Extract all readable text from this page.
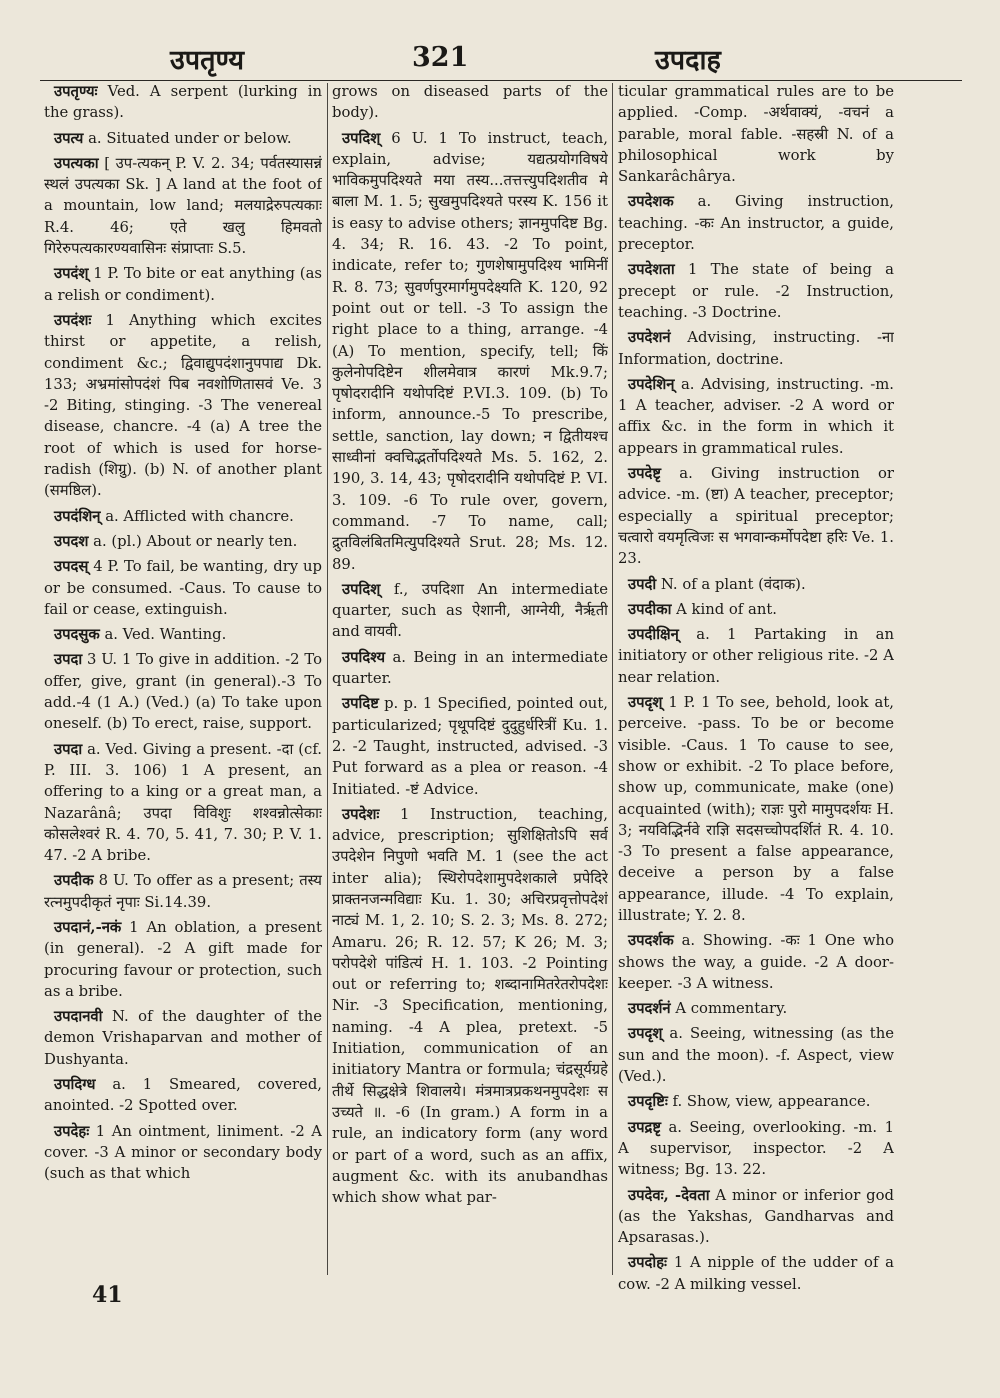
उपतृण्य	321	उपदाह

उपतृण्यः Ved. A serpent (lurking in the grass).

उपत्य a. Situated under or below.

उपत्यका [ उप-त्यकन् P. V. 2. 34; पर्वतस्यासन्नं स्थलं उपत्यका Sk. ] A land at the foot of a mountain, low land; मलयाद्रेरुपत्यकाः R.4. 46; एते खलु हिमवतो गिरेरुपत्यकारण्यवासिनः संप्राप्ताः S.5.

उपदंश् 1 P. To bite or eat anything (as a relish or condiment).

उपदंशः 1 Anything which excites thirst or appetite, a relish, condiment &c.; द्विवाद्युपदंशानुपपाद्य Dk. 133; अभ्रमांसोपदंशं पिब नवशोणितासवं Ve. 3 -2 Biting, stinging. -3 The venereal disease, chancre. -4 (a) A tree the root of which is used for horse-radish (शिग्रु). (b) N. of another plant (समष्ठिल).

उपदंशिन् a. Afflicted with chancre.

उपदश a. (pl.) About or nearly ten.

उपदस् 4 P. To fail, be wanting, dry up or be consumed. -Caus. To cause to fail or cease, extinguish.

उपदसुक a. Ved. Wanting.

उपदा 3 U. 1 To give in addition. -2 To offer, give, grant (in general).-3 To add.-4 (1 A.) (Ved.) (a) To take upon oneself. (b) To erect, raise, support.

उपदा a. Ved. Giving a present. -दा (cf. P. III. 3. 106) 1 A present, an offering to a king or a great man, a Nazarânâ; उपदा विविशुः शश्वन्नोत्सेकाः कोसलेश्वरं R. 4. 70, 5. 41, 7. 30; P. V. 1. 47. -2 A bribe.

उपदीक 8 U. To offer as a present; तस्य रत्नमुपदीकृतं नृपाः Si.14.39.

उपदानं,-नकं 1 An oblation, a present (in general). -2 A gift made for procuring favour or protection, such as a bribe.

उपदानवी N. of the daughter of the demon Vrishaparvan and mother of Dushyanta.

उपदिग्ध a. 1 Smeared, covered, anointed. -2 Spotted over.

उपदेहः 1 An ointment, liniment. -2 A cover. -3 A minor or secondary body (such as that which

grows on diseased parts of the body).

उपदिश् 6 U. 1 To instruct, teach, explain, advise; यद्यत्प्रयोगविषये भाविकमुपदिश्यते मया तस्य...तत्तत्त्युपदिशतीव मे बाला M. 1. 5; सुखमुपदिश्यते परस्य K. 156 it is easy to advise others; ज्ञानमुपदिष्ट Bg. 4. 34; R. 16. 43. -2 To point, indicate, refer to; गुणशेषामुपदिश्य भामिनीं R. 8. 73; सुवर्णपुरमार्गमुपदेक्ष्यति K. 120, 92 point out or tell. -3 To assign the right place to a thing, arrange. -4 (A) To mention, specify, tell; किं कुलेनोपदिष्टेन शीलमेवात्र कारणं Mk.9.7; पृषोदरादीनि यथोपदिष्टं P.VI.3. 109. (b) To inform, announce.-5 To prescribe, settle, sanction, lay down; न द्वितीयश्च साध्वीनां क्वचिद्भर्तोपदिश्यते Ms. 5. 162, 2. 190, 3. 14, 43; पृषोदरादीनि यथोपदिष्टं P. VI. 3. 109. -6 To rule over, govern, command. -7 To name, call; द्रुतविलंबितमित्युपदिश्यते Srut. 28; Ms. 12. 89.

उपदिश् f., उपदिशा An intermediate quarter, such as ऐशानी, आग्नेयी, नैर्ऋती and वायवी.

उपदिश्य a. Being in an intermediate quarter.

उपदिष्ट p. p. 1 Specified, pointed out, particularized; पृथूपदिष्टं दुदुहुर्धरित्रीं Ku. 1. 2. -2 Taught, instructed, advised. -3 Put forward as a plea or reason. -4 Initiated. -ष्टं Advice.

उपदेशः 1 Instruction, teaching, advice, prescription; सुशिक्षितोऽपि सर्व उपदेशेन निपुणो भवति M. 1 (see the act inter alia); स्थिरोपदेशामुपदेशकाले प्रपेदिरे प्राक्तनजन्मविद्याः Ku. 1. 30; अचिरप्रवृत्तोपदेशं नाट्यं M. 1, 2. 10; S. 2. 3; Ms. 8. 272; Amaru. 26; R. 12. 57; K 26; M. 3; परोपदेशे पांडित्यं H. 1. 103. -2 Pointing out or referring to; शब्दानामितरेतरोपदेशः Nir. -3 Specification, mentioning, naming. -4 A plea, pretext. -5 Initiation, communication of an initiatory Mantra or formula; चंद्रसूर्यग्रहे तीर्थे सिद्धक्षेत्रे शिवालये। मंत्रमात्रप्रकथनमुपदेशः स उच्यते ॥. -6 (In gram.) A form in a rule, an indicatory form (any word or part of a word, such as an affix, augment &c. with its anubandhas which show what par-

ticular grammatical rules are to be applied. -Comp. -अर्थवाक्यं, -वचनं a parable, moral fable. -सहस्री N. of a philosophical work by Sankarâchârya.

उपदेशक a. Giving instruction, teaching. -कः An instructor, a guide, preceptor.

उपदेशता 1 The state of being a precept or rule. -2 Instruction, teaching. -3 Doctrine.

उपदेशनं Advising, instructing. -ना Information, doctrine.

उपदेशिन् a. Advising, instructing. -m. 1 A teacher, adviser. -2 A word or affix &c. in the form in which it appears in grammatical rules.

उपदेष्टृ a. Giving instruction or advice. -m. (ष्टा) A teacher, preceptor; especially a spiritual preceptor; चत्वारो वयमृत्विजः स भगवान्कर्मोपदेष्टा हरिः Ve. 1. 23.

उपदी N. of a plant (वंदाक).

उपदीका A kind of ant.

उपदीक्षिन् a. 1 Partaking in an initiatory or other religious rite. -2 A near relation.

उपदृश् 1 P. 1 To see, behold, look at, perceive. -pass. To be or become visible. -Caus. 1 To cause to see, show or exhibit. -2 To place before, show up, communicate, make (one) acquainted (with); राज्ञः पुरो मामुपदर्शयः H. 3; नयविद्भिर्नवे राज्ञि सदसच्चोपदर्शितं R. 4. 10. -3 To present a false appearance, deceive a person by a false appearance, illude. -4 To explain, illustrate; Y. 2. 8.

उपदर्शक a. Showing. -कः 1 One who shows the way, a guide. -2 A door-keeper. -3 A witness.

उपदर्शनं A commentary.

उपदृश् a. Seeing, witnessing (as the sun and the moon). -f. Aspect, view (Ved.).

उपदृष्टिः f. Show, view, appearance.

उपद्रष्टृ a. Seeing, overlooking. -m. 1 A supervisor, inspector. -2 A witness; Bg. 13. 22.

उपदेवः, -देवता A minor or inferior god (as the Yakshas, Gandharvas and Apsarasas.).

उपदोहः 1 A nipple of the udder of a cow. -2 A milking vessel.

41
